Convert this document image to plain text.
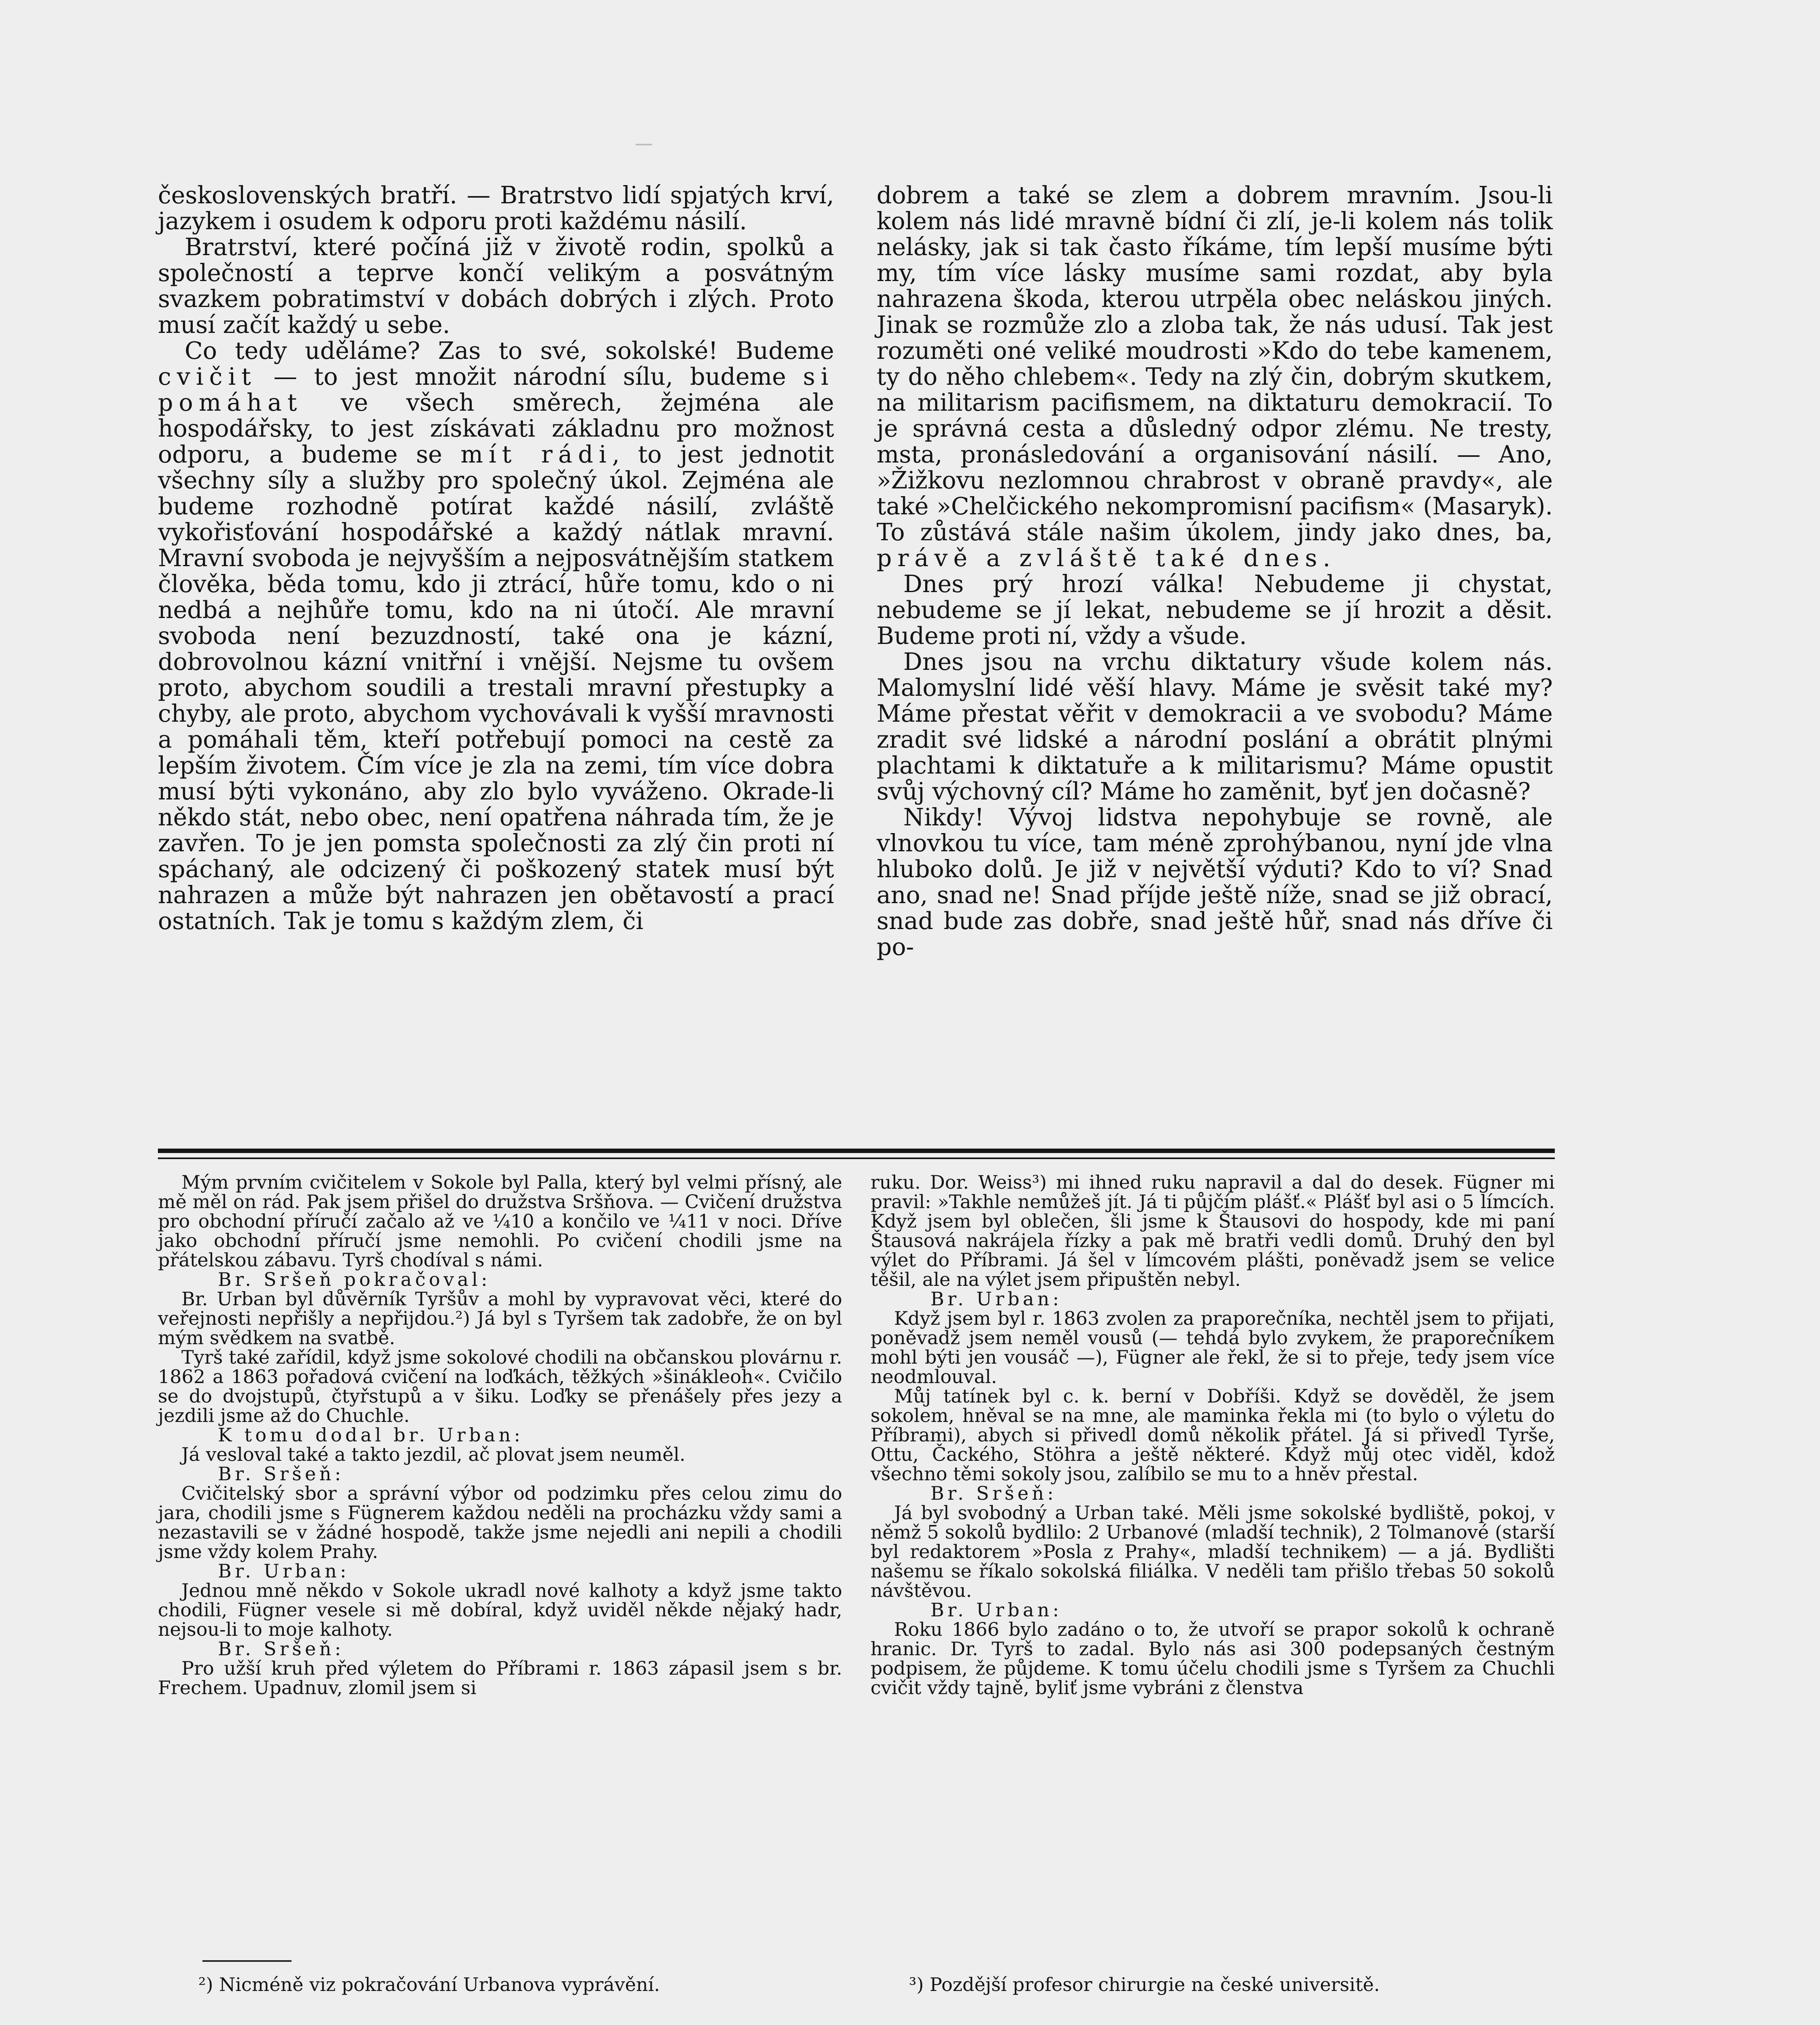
československých bratří. — Bratrstvo lidí spjatých krví, jazykem i osudem k odporu proti každému násilí.

Bratrství, které počíná již v životě rodin, spolků a společností a teprve končí velikým a posvátným svazkem pobratimství v dobách dobrých i zlých. Proto musí začít každý u sebe.

Co tedy uděláme? Zas to své, sokolské! Budeme cvičit — to jest množit národní sílu, budeme si pomáhat ve všech směrech, žejména ale hospodářsky, to jest získávati základnu pro možnost odporu, a budeme se mít rádi, to jest jednotit všechny síly a služby pro společný úkol. Zejména ale budeme rozhodně potírat každé násilí, zvláště vykořisťování hospodářské a každý nátlak mravní. Mravní svoboda je nejvyšším a nejposvátnějším statkem člověka, běda tomu, kdo ji ztrácí, hůře tomu, kdo o ni nedbá a nejhůře tomu, kdo na ni útočí. Ale mravní svoboda není bezuzdností, také ona je kázní, dobrovolnou kázní vnitřní i vnější. Nejsme tu ovšem proto, abychom soudili a trestali mravní přestupky a chyby, ale proto, abychom vychovávali k vyšší mravnosti a pomáhali těm, kteří potřebují pomoci na cestě za lepším životem. Čím více je zla na zemi, tím více dobra musí býti vykonáno, aby zlo bylo vyváženo. Okrade-li někdo stát, nebo obec, není opatřena náhrada tím, že je zavřen. To je jen pomsta společnosti za zlý čin proti ní spáchaný, ale odcizený či poškozený statek musí být nahrazen a může být nahrazen jen obětavostí a prací ostatních. Tak je tomu s každým zlem, či

dobrem a také se zlem a dobrem mravním. Jsou-li kolem nás lidé mravně bídní či zlí, je-li kolem nás tolik nelásky, jak si tak často říkáme, tím lepší musíme býti my, tím více lásky musíme sami rozdat, aby byla nahrazena škoda, kterou utrpěla obec neláskou jiných. Jinak se rozmůže zlo a zloba tak, že nás udusí. Tak jest rozuměti oné veliké moudrosti »Kdo do tebe kamenem, ty do něho chlebem«. Tedy na zlý čin, dobrým skutkem, na militarism pacifismem, na diktaturu demokracií. To je správná cesta a důsledný odpor zlému. Ne tresty, msta, pronásledování a organisování násilí. — Ano, »Žižkovu nezlomnou chrabrost v obraně pravdy«, ale také »Chelčického nekompromisní pacifism« (Masaryk). To zůstává stále našim úkolem, jindy jako dnes, ba, právě a zvláště také dnes.

Dnes prý hrozí válka! Nebudeme ji chystat, nebudeme se jí lekat, nebudeme se jí hrozit a děsit. Budeme proti ní, vždy a všude.

Dnes jsou na vrchu diktatury všude kolem nás. Malomyslní lidé věší hlavy. Máme je svěsit také my? Máme přestat věřit v demokracii a ve svobodu? Máme zradit své lidské a národní poslání a obrátit plnými plachtami k diktatuře a k militarismu? Máme opustit svůj výchovný cíl? Máme ho zaměnit, byť jen dočasně?

Nikdy! Vývoj lidstva nepohybuje se rovně, ale vlnovkou tu více, tam méně zprohýbanou, nyní jde vlna hluboko dolů. Je již v největší výduti? Kdo to ví? Snad ano, snad ne! Snad příjde ještě níže, snad se již obrací, snad bude zas dobře, snad ještě hůř, snad nás dříve či po-

Mým prvním cvičitelem v Sokole byl Palla, který byl velmi přísný, ale mě měl on rád. Pak jsem přišel do družstva Sršňova. — Cvičení družstva pro obchodní příručí začalo až ve ¼10 a končilo ve ¼11 v noci. Dříve jako obchodní příručí jsme nemohli. Po cvičení chodili jsme na přátelskou zábavu. Tyrš chodíval s námi.

Br. Sršeň pokračoval:

Br. Urban byl důvěrník Tyršův a mohl by vypravovat věci, které do veřejnosti nepřišly a nepřijdou.²) Já byl s Tyršem tak zadobře, že on byl mým svědkem na svatbě.

Tyrš také zařídil, když jsme sokolové chodili na občanskou plovárnu r. 1862 a 1863 pořadová cvičení na loďkách, těžkých »šinákleoh«. Cvičilo se do dvojstupů, čtyřstupů a v šiku. Loďky se přenášely přes jezy a jezdili jsme až do Chuchle.

K tomu dodal br. Urban:

Já vesloval také a takto jezdil, ač plovat jsem neuměl.

Br. Sršeň:

Cvičitelský sbor a správní výbor od podzimku přes celou zimu do jara, chodili jsme s Fügnerem každou neděli na procházku vždy sami a nezastavili se v žádné hospodě, takže jsme nejedli ani nepili a chodili jsme vždy kolem Prahy.

Br. Urban:

Jednou mně někdo v Sokole ukradl nové kalhoty a když jsme takto chodili, Fügner vesele si mě dobíral, když uviděl někde nějaký hadr, nejsou-li to moje kalhoty.

Br. Sršeň:

Pro užší kruh před výletem do Příbrami r. 1863 zápasil jsem s br. Frechem. Upadnuv, zlomil jsem si

ruku. Dor. Weiss³) mi ihned ruku napravil a dal do desek. Fügner mi pravil: »Takhle nemůžeš jít. Já ti půjčím plášť.« Plášť byl asi o 5 límcích. Když jsem byl oblečen, šli jsme k Štausovi do hospody, kde mi paní Štausová nakrájela řízky a pak mě bratři vedli domů. Druhý den byl výlet do Příbrami. Já šel v límcovém plášti, poněvadž jsem se velice těšil, ale na výlet jsem připuštěn nebyl.

Br. Urban:

Když jsem byl r. 1863 zvolen za praporečníka, nechtěl jsem to přijati, poněvadž jsem neměl vousů (— tehdá bylo zvykem, že praporečníkem mohl býti jen vousáč —), Fügner ale řekl, že si to přeje, tedy jsem více neodmlouval.

Můj tatínek byl c. k. berní v Dobříši. Když se dověděl, že jsem sokolem, hněval se na mne, ale maminka řekla mi (to bylo o výletu do Příbrami), abych si přivedl domů několik přátel. Já si přivedl Tyrše, Ottu, Čackého, Stöhra a ještě některé. Když můj otec viděl, kdož všechno těmi sokoly jsou, zalíbilo se mu to a hněv přestal.

Br. Sršeň:

Já byl svobodný a Urban také. Měli jsme sokolské bydliště, pokoj, v němž 5 sokolů bydlilo: 2 Urbanové (mladší technik), 2 Tolmanové (starší byl redaktorem »Posla z Prahy«, mladší technikem) — a já. Bydlišti našemu se říkalo sokolská filiálka. V neděli tam přišlo třebas 50 sokolů návštěvou.

Br. Urban:

Roku 1866 bylo zadáno o to, že utvoří se prapor sokolů k ochraně hranic. Dr. Tyrš to zadal. Bylo nás asi 300 podepsaných čestným podpisem, že půjdeme. K tomu účelu chodili jsme s Tyršem za Chuchli cvičit vždy tajně, byliť jsme vybráni z členstva

²) Nicméně viz pokračování Urbanova vyprávění.	³) Pozdější profesor chirurgie na české universitě.
